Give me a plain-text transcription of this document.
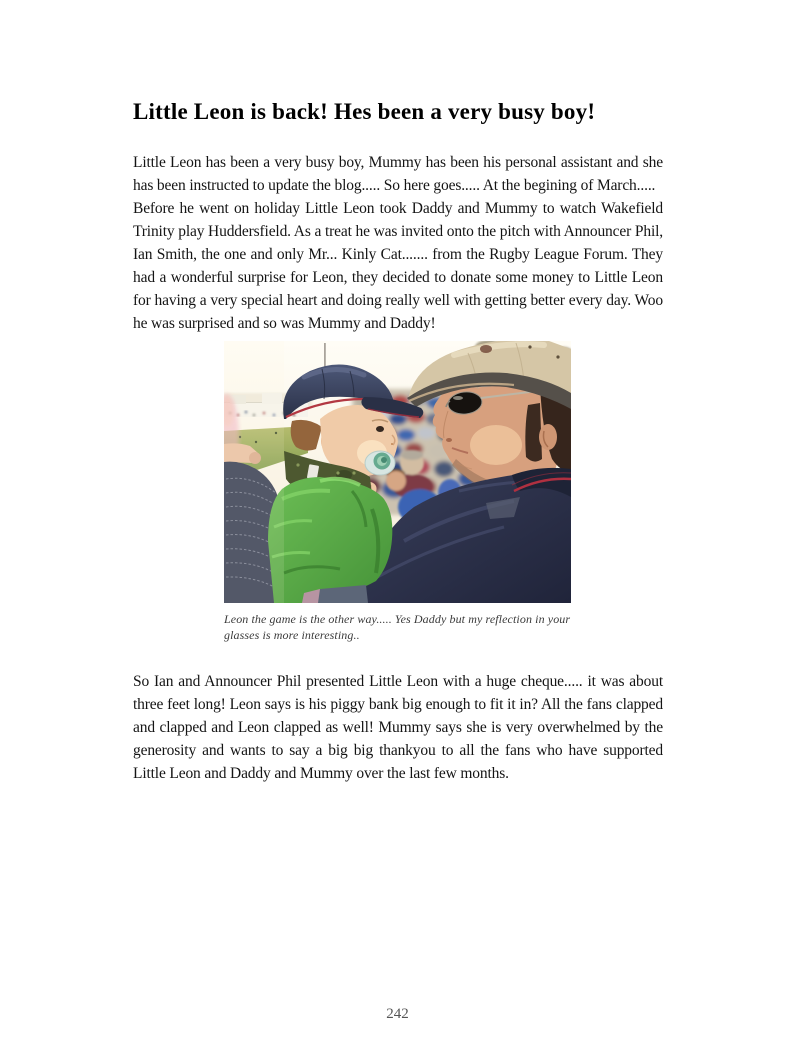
Little Leon is back! Hes been a very busy boy!

Little Leon has been a very busy boy, Mummy has been his personal assistant and she has been instructed to update the blog..... So here goes..... At the begining of March.....

Before he went on holiday Little Leon took Daddy and Mummy to watch Wakefield Trinity play Huddersfield. As a treat he was invited onto the pitch with Announcer Phil, Ian Smith, the one and only Mr... Kinly Cat....... from the Rugby League Forum. They had a wonderful surprise for Leon, they decided to donate some money to Little Leon for having a very special heart and doing really well with getting better every day. Woo he was surprised and so was Mummy and Daddy!

Leon the game is the other way..... Yes Daddy but my reflection in your glasses is more interesting..

So Ian and Announcer Phil presented Little Leon with a huge cheque..... it was about three feet long! Leon says is his piggy bank big enough to fit it in? All the fans clapped and clapped and Leon clapped as well! Mummy says she is very overwhelmed by the generosity and wants to say a big big thankyou to all the fans who have supported Little Leon and Daddy and Mummy over the last few months.

242
